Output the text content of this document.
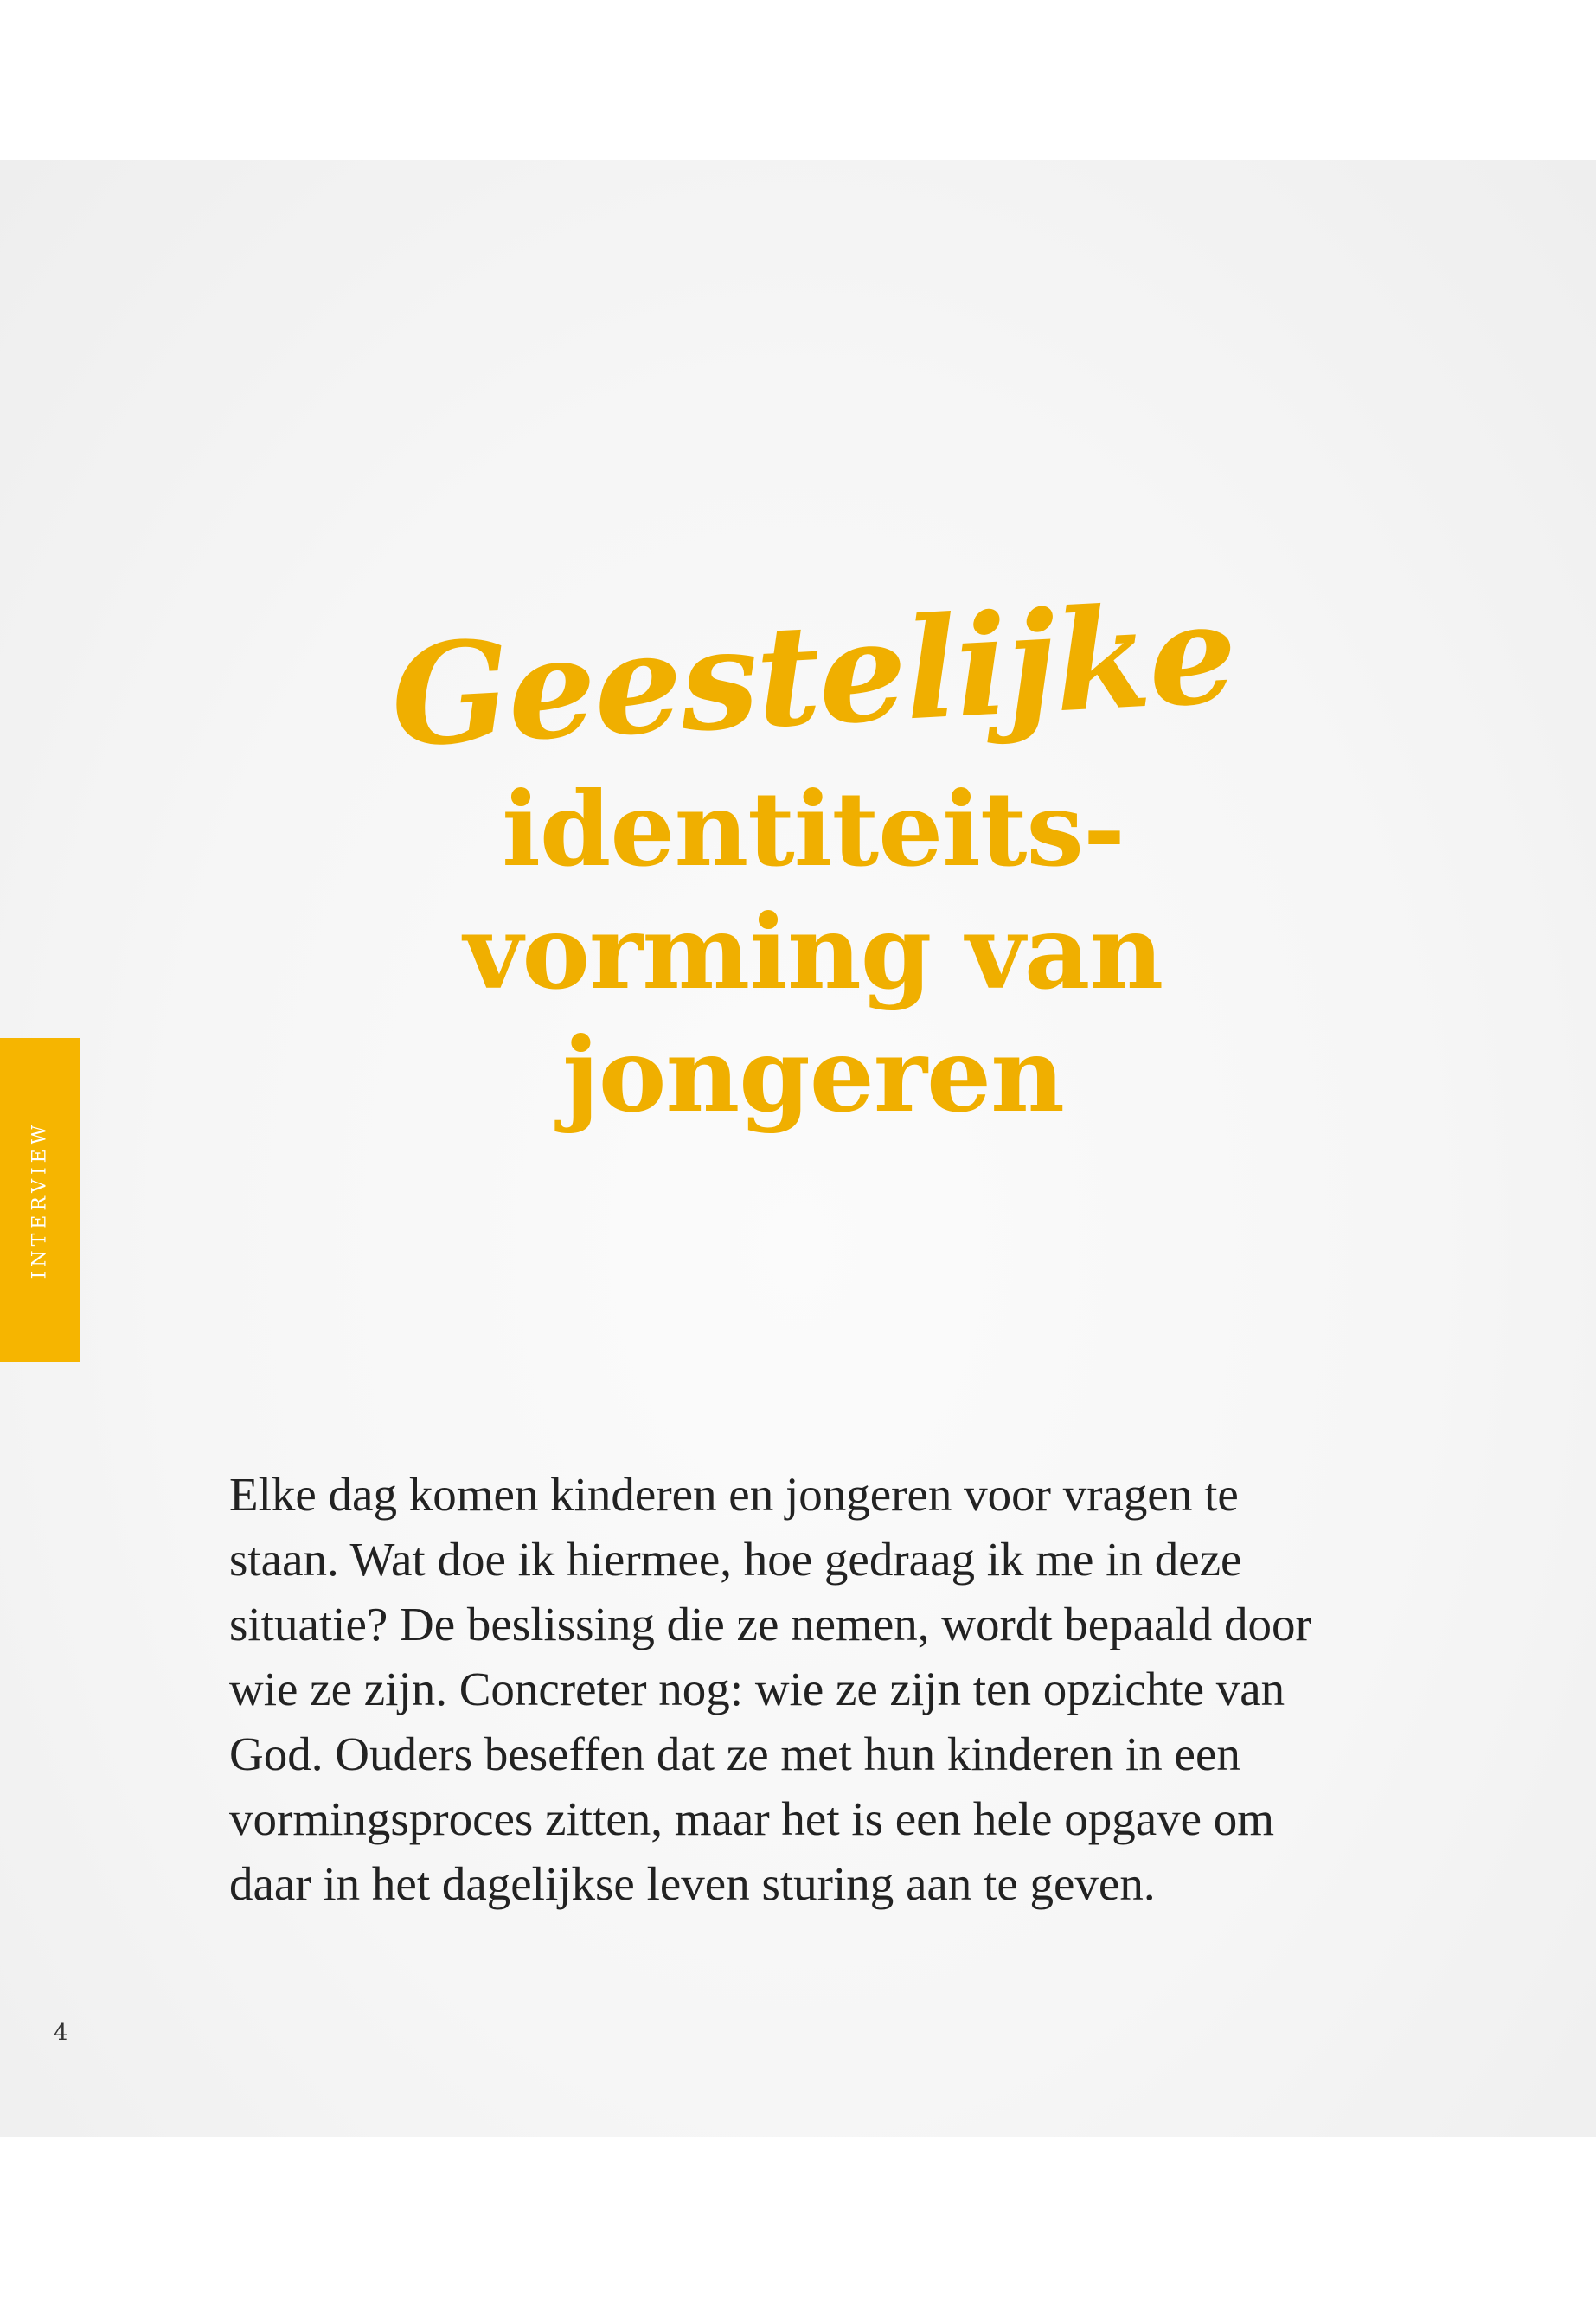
INTERVIEW
Geestelijke
identiteits-
vorming van
jongeren

Elke dag komen kinderen en jongeren voor vragen te
staan. Wat doe ik hiermee, hoe gedraag ik me in deze
situatie? De beslissing die ze nemen, wordt bepaald door
wie ze zijn. Concreter nog: wie ze zijn ten opzichte van
God. Ouders beseffen dat ze met hun kinderen in een
vormingsproces zitten, maar het is een hele opgave om
daar in het dagelijkse leven sturing aan te geven.

4
